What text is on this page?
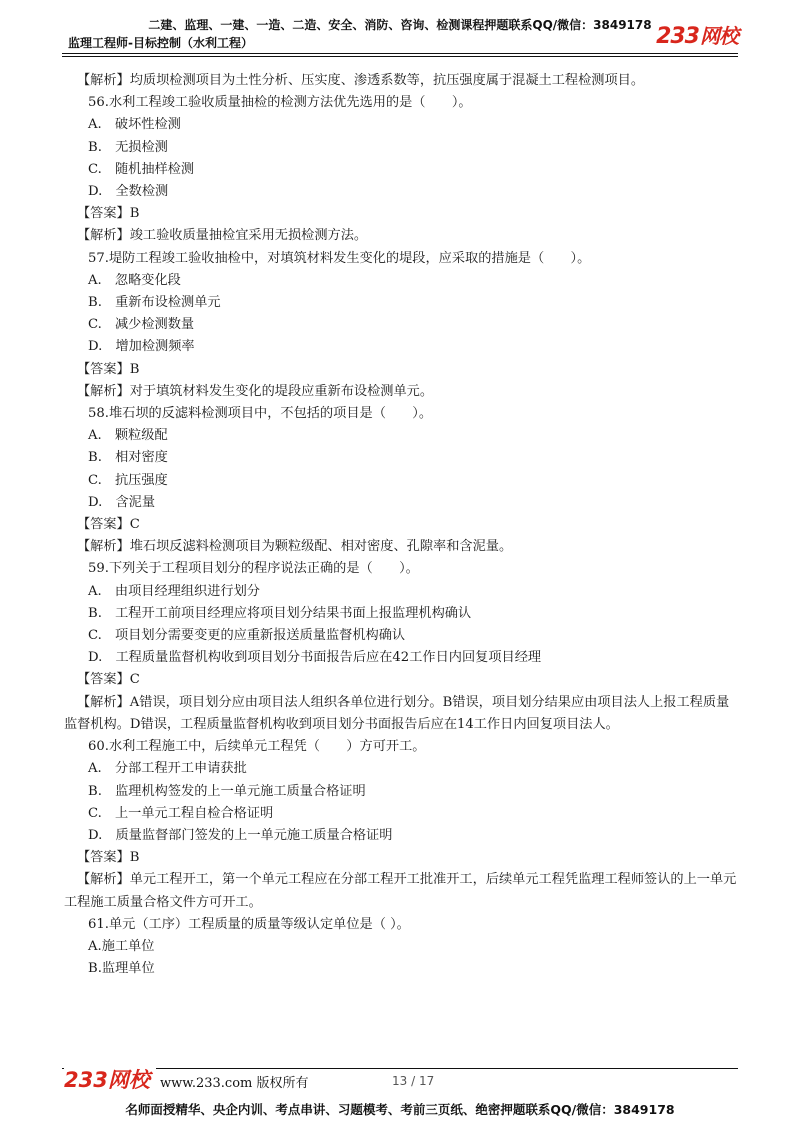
二建、监理、一建、一造、二造、安全、消防、咨询、检测课程押题联系QQ/微信：3849178
监理工程师-目标控制（水利工程）	233网校
【解析】均质坝检测项目为土性分析、压实度、渗透系数等，抗压强度属于混凝土工程检测项目。
56.水利工程竣工验收质量抽检的检测方法优先选用的是（　　）。
A.　破坏性检测
B.　无损检测
C.　随机抽样检测
D.　全数检测
【答案】B
【解析】竣工验收质量抽检宜采用无损检测方法。
57.堤防工程竣工验收抽检中，对填筑材料发生变化的堤段，应采取的措施是（　　）。
A.　忽略变化段
B.　重新布设检测单元
C.　减少检测数量
D.　增加检测频率
【答案】B
【解析】对于填筑材料发生变化的堤段应重新布设检测单元。
58.堆石坝的反滤料检测项目中，不包括的项目是（　　）。
A.　颗粒级配
B.　相对密度
C.　抗压强度
D.　含泥量
【答案】C
【解析】堆石坝反滤料检测项目为颗粒级配、相对密度、孔隙率和含泥量。
59.下列关于工程项目划分的程序说法正确的是（　　）。
A.　由项目经理组织进行划分
B.　工程开工前项目经理应将项目划分结果书面上报监理机构确认
C.　项目划分需要变更的应重新报送质量监督机构确认
D.　工程质量监督机构收到项目划分书面报告后应在42工作日内回复项目经理
【答案】C
【解析】A错误，项目划分应由项目法人组织各单位进行划分。B错误，项目划分结果应由项目法人上报工程质量监督机构。D错误，工程质量监督机构收到项目划分书面报告后应在14工作日内回复项目法人。
60.水利工程施工中，后续单元工程凭（　　）方可开工。
A.　分部工程开工申请获批
B.　监理机构签发的上一单元施工质量合格证明
C.　上一单元工程自检合格证明
D.　质量监督部门签发的上一单元施工质量合格证明
【答案】B
【解析】单元工程开工，第一个单元工程应在分部工程开工批准开工，后续单元工程凭监理工程师签认的上一单元工程施工质量合格文件方可开工。
61.单元（工序）工程质量的质量等级认定单位是（ ）。
A.施工单位
B.监理单位
233网校 www.233.com 版权所有	13 / 17
名师面授精华、央企内训、考点串讲、习题模考、考前三页纸、绝密押题联系QQ/微信：3849178
